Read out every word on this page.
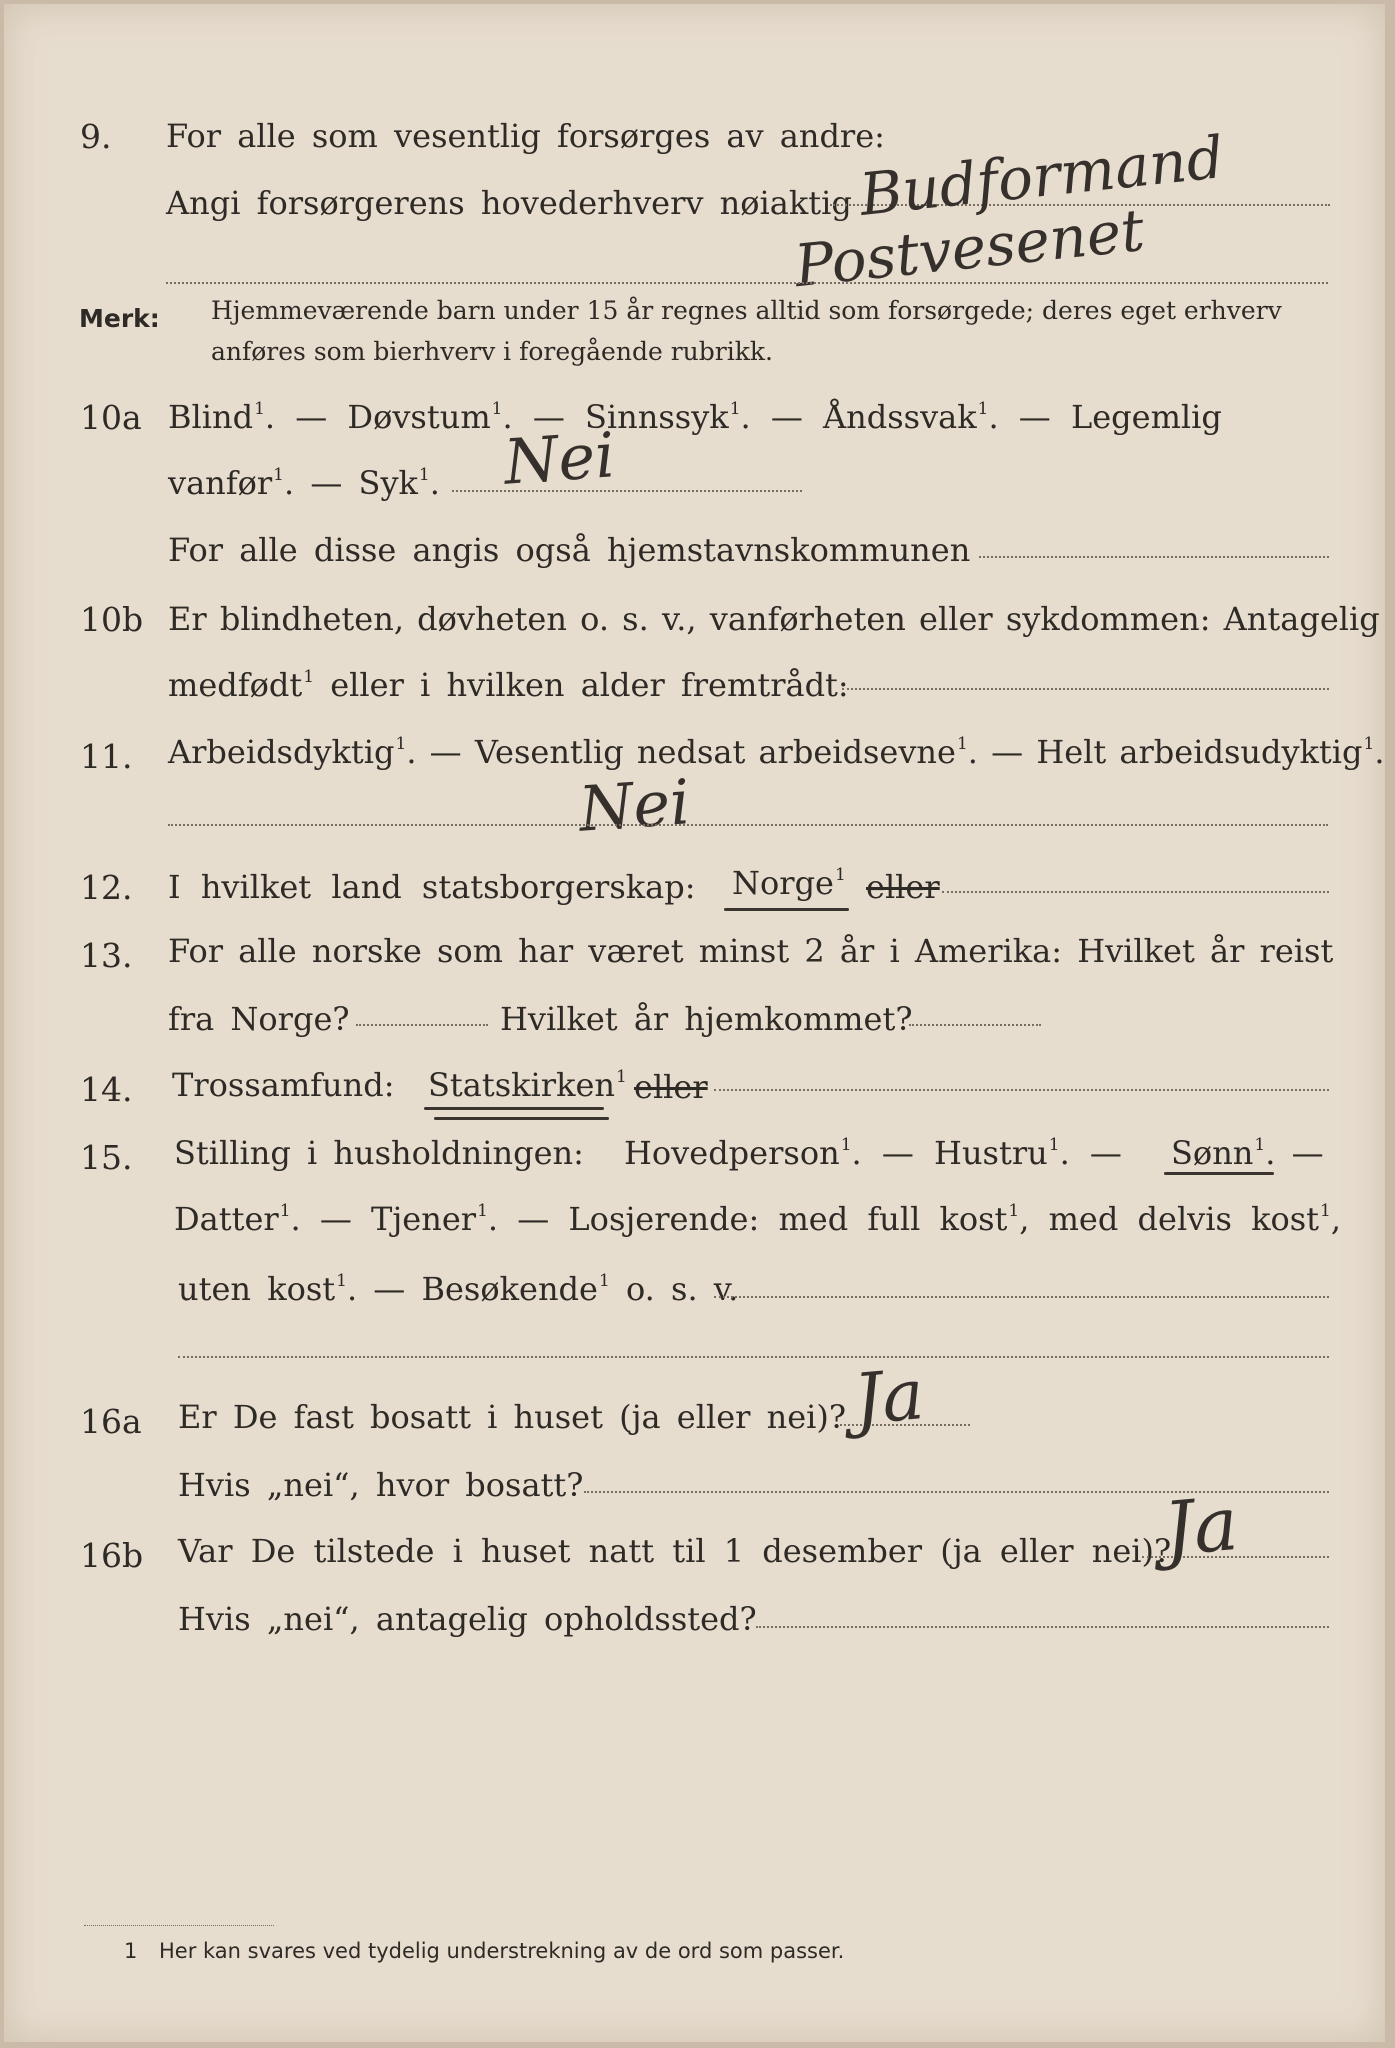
9. For alle som vesentlig forsørges av andre:
Angi forsørgerens hovederhverv nøiaktig Budformand
Postvesenet
Merk: Hjemmeværende barn under 15 år regnes alltid som forsørgede; deres eget erhverv
anføres som bierhverv i foregående rubrikk.
10a Blind$^1$. — Døvstum$^1$. — Sinnssyk$^1$. — Åndssvak$^1$. — Legemlig
vanfør$^1$. — Syk$^1$. Nei
For alle disse angis også hjemstavnskommunen
10b Er blindheten, døvheten o. s. v., vanførheten eller sykdommen: Antagelig
medfødt$^1$ eller i hvilken alder fremtrådt:
11. Arbeidsdyktig$^1$. — Vesentlig nedsat arbeidsevne$^1$. — Helt arbeidsudyktig$^1$.
Nei
12. I hvilket land statsborgerskap: Norge$^1$ eller
13. For alle norske som har været minst 2 år i Amerika: Hvilket år reist
fra Norge?	Hvilket år hjemkommet?
14. Trossamfund: Statskirken$^1$ eller
15. Stilling i husholdningen: Hovedperson$^1$. — Hustru$^1$. — Sønn$^1$. —
Datter$^1$. — Tjener$^1$. — Losjerende: med full kost$^1$, med delvis kost$^1$,
uten kost$^1$. — Besøkende$^1$ o. s. v.
16a Er De fast bosatt i huset (ja eller nei)? Ja
Hvis „nei“, hvor bosatt?
16b Var De tilstede i huset natt til 1 desember (ja eller nei)?
Ja
Hvis „nei“, antagelig opholdssted?
1 Her kan svares ved tydelig understrekning av de ord som passer.
